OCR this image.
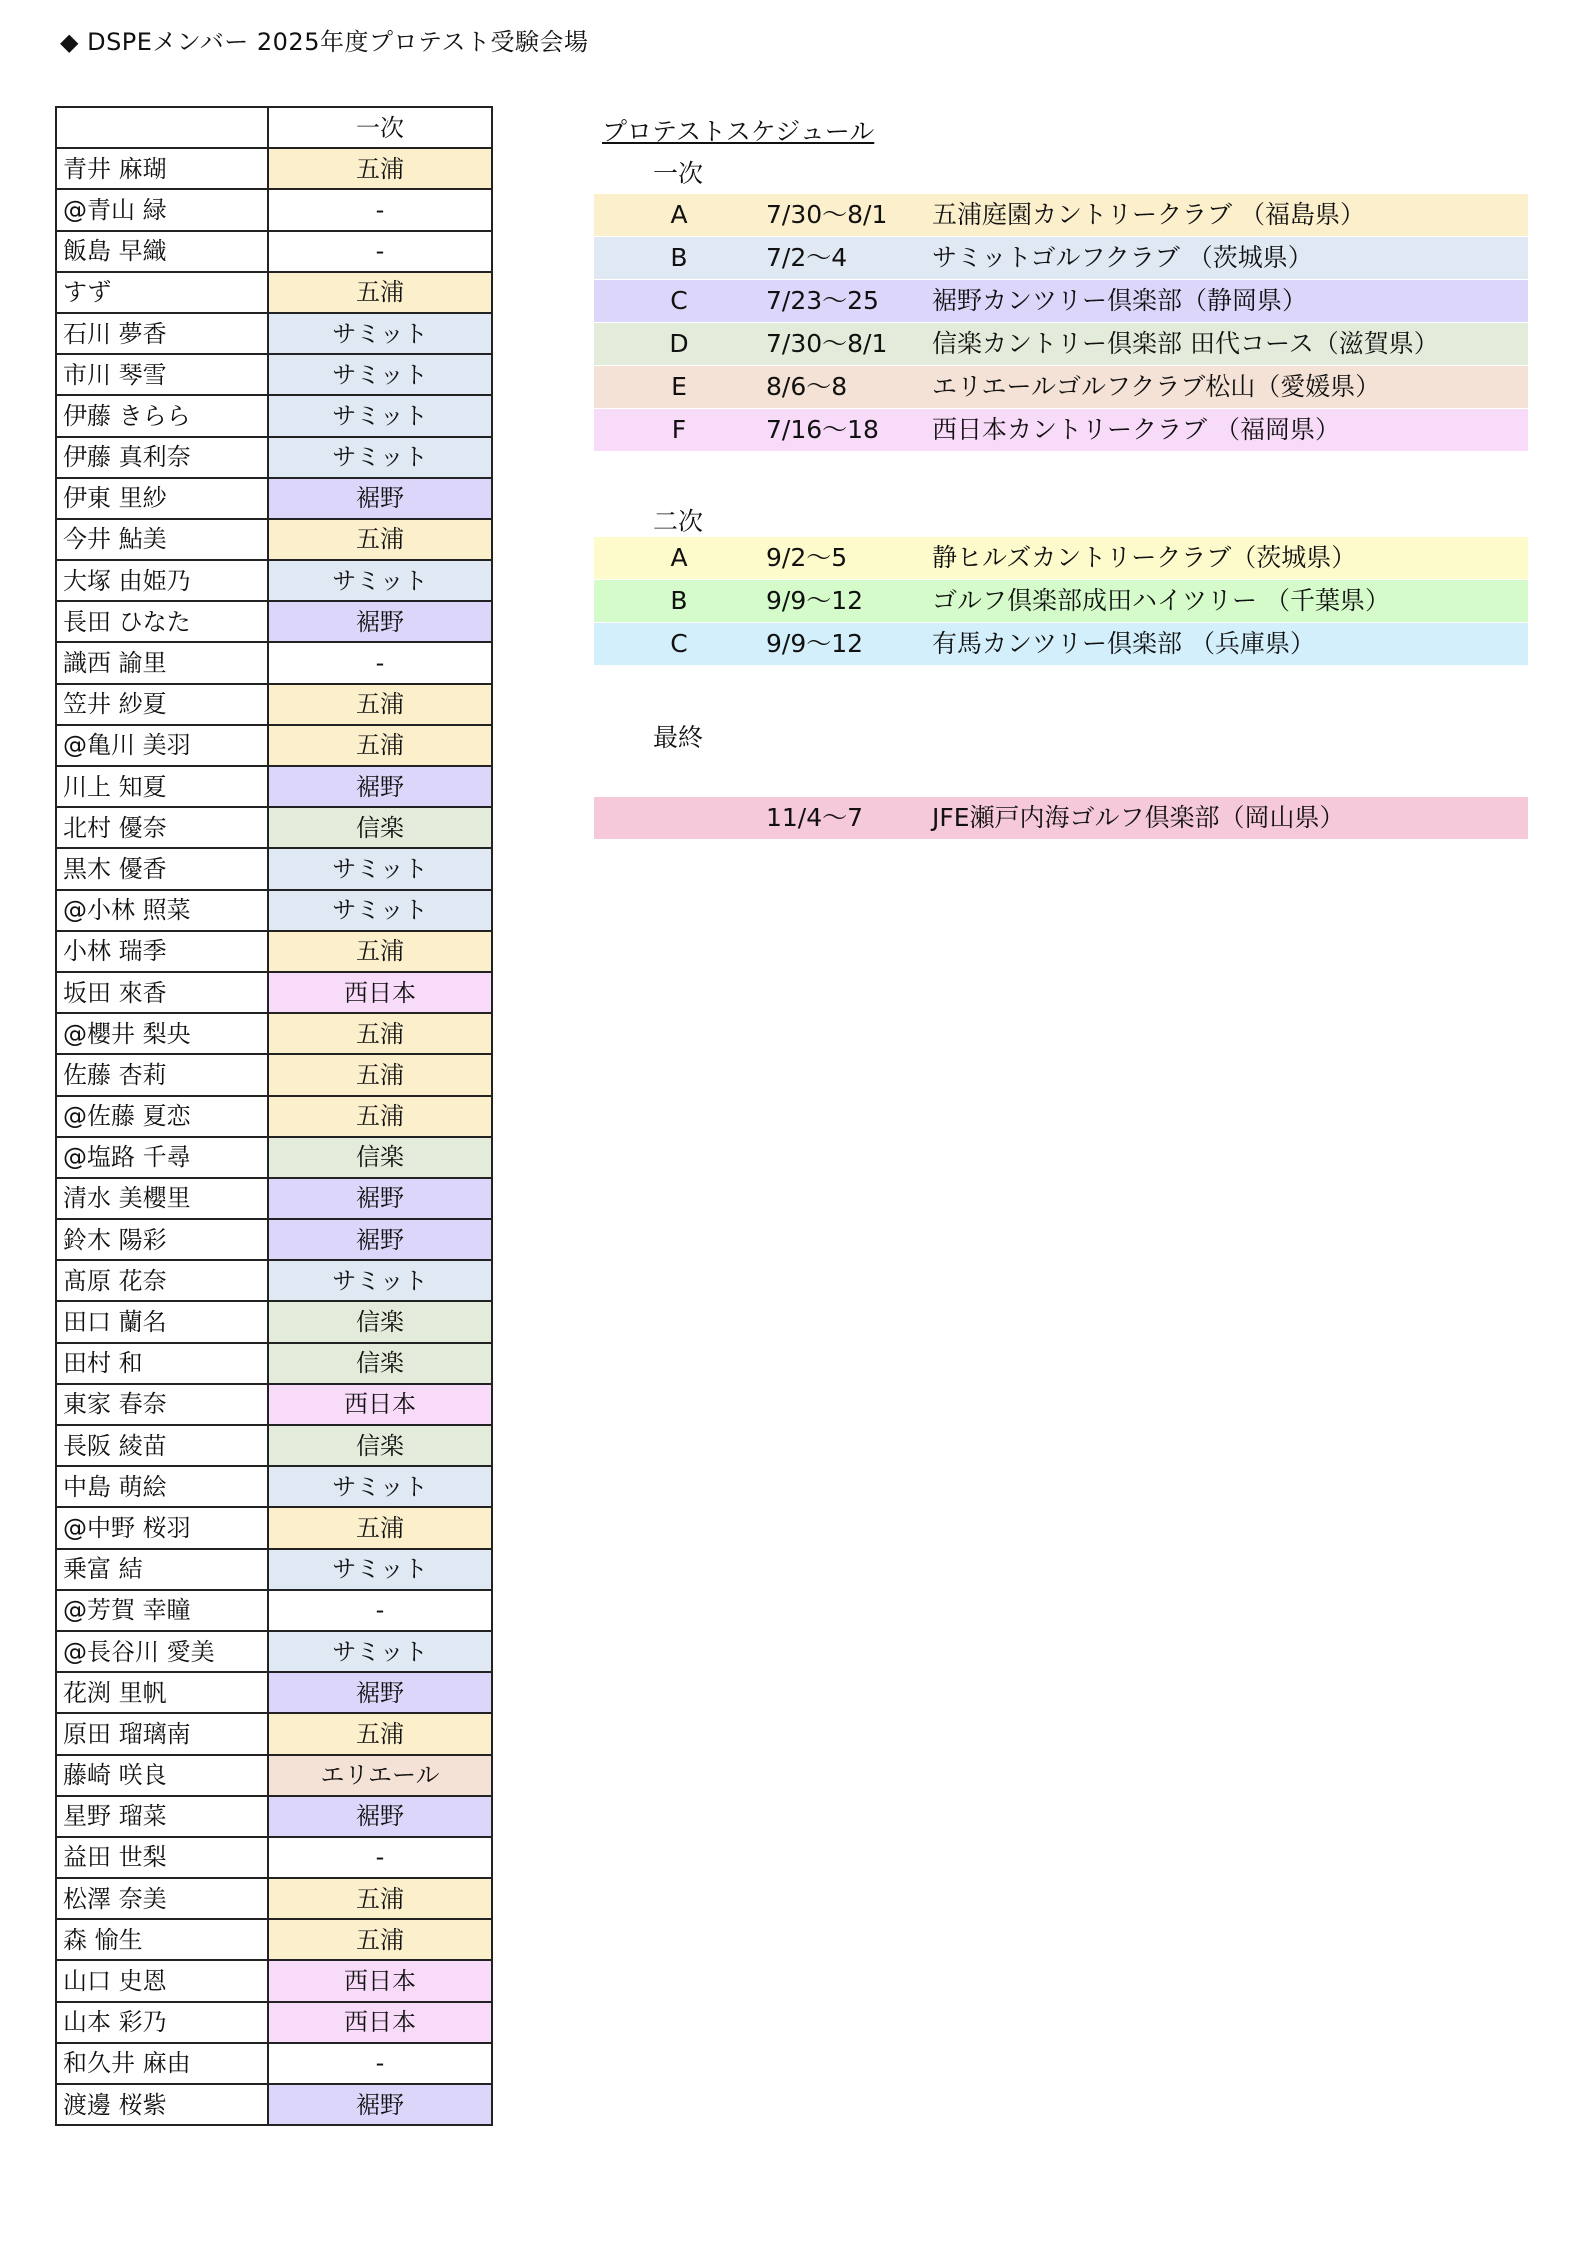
◆ DSPEメンバー 2025年度プロテスト受験会場
	一次
青井 麻瑚	五浦
@青山 緑	-
飯島 早織	-
すず	五浦
石川 夢香	サミット
市川 琴雪	サミット
伊藤 きらら	サミット
伊藤 真利奈	サミット
伊東 里紗	裾野
今井 鮎美	五浦
大塚 由姫乃	サミット
長田 ひなた	裾野
識西 諭里	-
笠井 紗夏	五浦
@亀川 美羽	五浦
川上 知夏	裾野
北村 優奈	信楽
黒木 優香	サミット
@小林 照菜	サミット
小林 瑞季	五浦
坂田 來香	西日本
@櫻井 梨央	五浦
佐藤 杏莉	五浦
@佐藤 夏恋	五浦
@塩路 千尋	信楽
清水 美櫻里	裾野
鈴木 陽彩	裾野
髙原 花奈	サミット
田口 蘭名	信楽
田村 和	信楽
東家 春奈	西日本
長阪 綾苗	信楽
中島 萌絵	サミット
@中野 桜羽	五浦
乗富 結	サミット
@芳賀 幸瞳	-
@長谷川 愛美	サミット
花渕 里帆	裾野
原田 瑠璃南	五浦
藤崎 咲良	エリエール
星野 瑠菜	裾野
益田 世梨	-
松澤 奈美	五浦
森 愉生	五浦
山口 史恩	西日本
山本 彩乃	西日本
和久井 麻由	-
渡邊 桜紫	裾野
プロテストスケジュール
一次
A	7/30〜8/1 五浦庭園カントリークラブ （福島県）
B	7/2〜4	サミットゴルフクラブ （茨城県）
C	7/23〜25 裾野カンツリー倶楽部（静岡県）
D	7/30〜8/1 信楽カントリー倶楽部 田代コース（滋賀県）
E	8/6〜8	エリエールゴルフクラブ松山（愛媛県）
F	7/16〜18 西日本カントリークラブ （福岡県）
二次
A	9/2〜5	静ヒルズカントリークラブ（茨城県）
B	9/9〜12	ゴルフ倶楽部成田ハイツリー （千葉県）
C	9/9〜12	有馬カンツリー倶楽部 （兵庫県）
最終
11/4〜7	JFE瀬戸内海ゴルフ倶楽部（岡山県）
